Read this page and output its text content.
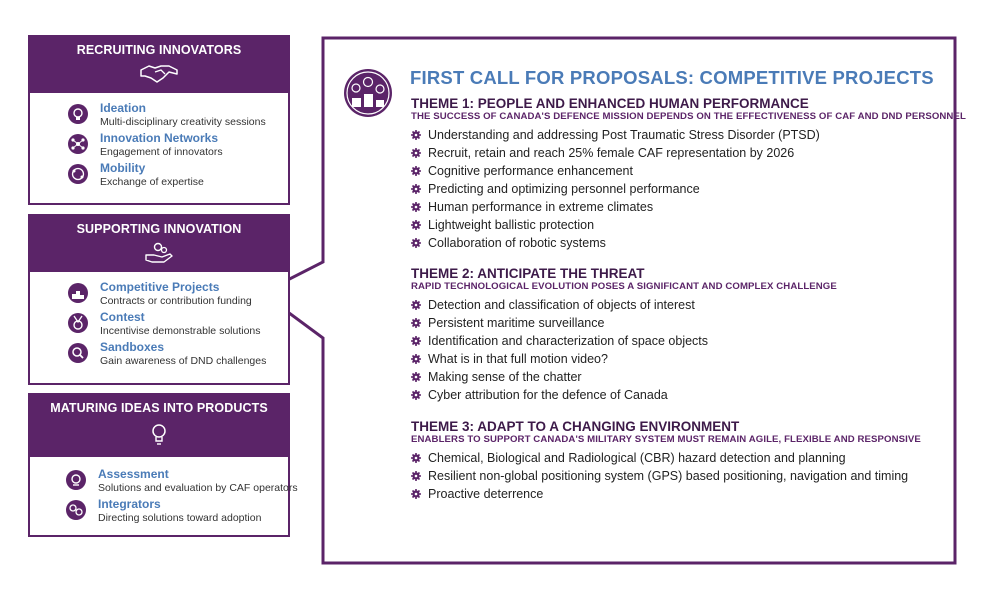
RECRUITING INNOVATORS
Ideation
Multi-disciplinary creativity sessions
Innovation Networks
Engagement of innovators
Mobility
Exchange of expertise
SUPPORTING INNOVATION
Competitive Projects
Contracts or contribution funding
Contest
Incentivise demonstrable solutions
Sandboxes
Gain awareness of DND challenges
MATURING IDEAS INTO PRODUCTS
Assessment
Solutions and evaluation by CAF operators
Integrators
Directing solutions toward adoption
FIRST CALL FOR PROPOSALS: COMPETITIVE PROJECTS
THEME 1: PEOPLE AND ENHANCED HUMAN PERFORMANCE
THE SUCCESS OF CANADA'S DEFENCE MISSION DEPENDS ON THE EFFECTIVENESS OF CAF AND DND PERSONNEL
Understanding and addressing Post Traumatic Stress Disorder (PTSD)
Recruit, retain and reach 25% female CAF representation by 2026
Cognitive performance enhancement
Predicting and optimizing personnel performance
Human performance in extreme climates
Lightweight ballistic protection
Collaboration of robotic systems
THEME 2: ANTICIPATE THE THREAT
RAPID TECHNOLOGICAL EVOLUTION POSES A SIGNIFICANT AND COMPLEX CHALLENGE
Detection and classification of objects of interest
Persistent maritime surveillance
Identification and characterization of space objects
What is in that full motion video?
Making sense of the chatter
Cyber attribution for the defence of Canada
THEME 3: ADAPT TO A CHANGING ENVIRONMENT
ENABLERS TO SUPPORT CANADA'S MILITARY SYSTEM MUST REMAIN AGILE, FLEXIBLE AND RESPONSIVE
Chemical, Biological and Radiological (CBR) hazard detection and planning
Resilient non-global positioning system (GPS) based positioning, navigation and timing
Proactive deterrence
